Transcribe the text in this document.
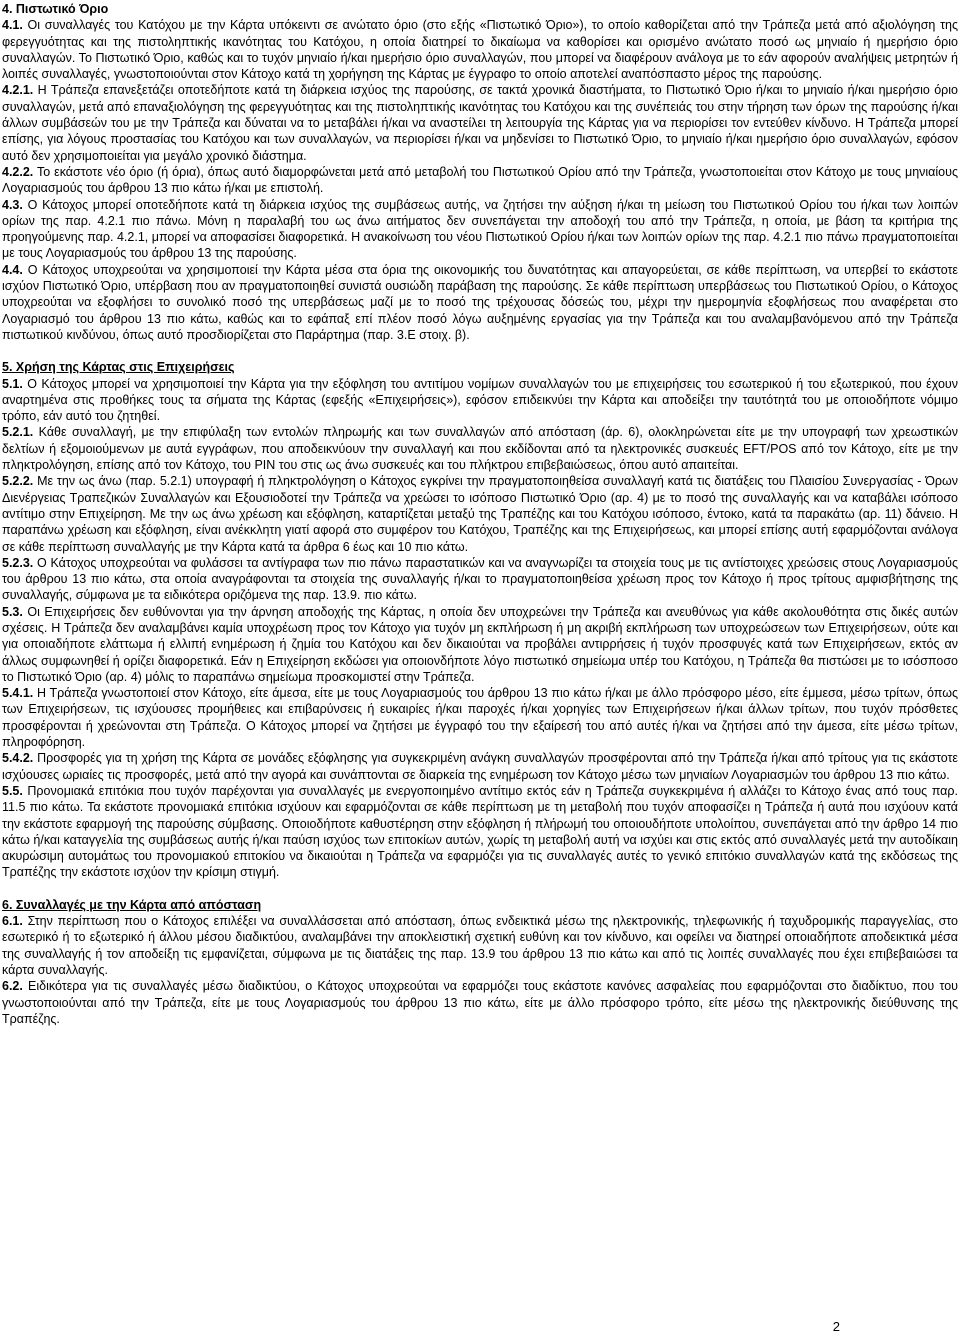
4. Πιστωτικό Όριο

4.1. Οι συναλλαγές του Κατόχου με την Κάρτα υπόκειντι σε ανώτατο όριο (στο εξής «Πιστωτικό Όριο»), το οποίο καθορίζεται από την Τράπεζα μετά από αξιολόγηση της φερεγγυότητας και της πιστοληπτικής ικανότητας του Κατόχου, η οποία διατηρεί το δικαίωμα να καθορίσει και ορισμένο ανώτατο ποσό ως μηνιαίο ή ημερήσιο όριο συναλλαγών. Το Πιστωτικό Όριο, καθώς και το τυχόν μηνιαίο ή/και ημερήσιο όριο συναλλαγών, που μπορεί να διαφέρουν ανάλογα με το εάν αφορούν αναλήψεις μετρητών ή λοιπές συναλλαγές, γνωστοποιούνται στον Κάτοχο κατά τη χορήγηση της Κάρτας με έγγραφο το οποίο αποτελεί αναπόσπαστο μέρος της παρούσης.

4.2.1. Η Τράπεζα επανεξετάζει οποτεδήποτε κατά τη διάρκεια ισχύος της παρούσης, σε τακτά χρονικά διαστήματα, το Πιστωτικό Όριο ή/και το μηνιαίο ή/και ημερήσιο όριο συναλλαγών, μετά από επαναξιολόγηση της φερεγγυότητας και της πιστοληπτικής ικανότητας του Κατόχου και της συνέπειάς του στην τήρηση των όρων της παρούσης ή/και άλλων συμβάσεών του με την Τράπεζα και δύναται να το μεταβάλει ή/και να αναστείλει τη λειτουργία της Κάρτας για να περιορίσει τον εντεύθεν κίνδυνο. Η Τράπεζα μπορεί επίσης, για λόγους προστασίας του Κατόχου και των συναλλαγών, να περιορίσει ή/και να μηδενίσει το Πιστωτικό Όριο, το μηνιαίο ή/και ημερήσιο όριο συναλλαγών, εφόσον αυτό δεν χρησιμοποιείται για μεγάλο χρονικό διάστημα.

4.2.2. Το εκάστοτε νέο όριο (ή όρια), όπως αυτό διαμορφώνεται μετά από μεταβολή του Πιστωτικού Ορίου από την Τράπεζα, γνωστοποιείται στον Κάτοχο με τους μηνιαίους Λογαριασμούς του άρθρου 13 πιο κάτω ή/και με επιστολή.

4.3. Ο Κάτοχος μπορεί οποτεδήποτε κατά τη διάρκεια ισχύος της συμβάσεως αυτής, να ζητήσει την αύξηση ή/και τη μείωση του Πιστωτικού Ορίου του ή/και των λοιπών ορίων της παρ. 4.2.1 πιο πάνω. Μόνη η παραλαβή του ως άνω αιτήματος δεν συνεπάγεται την αποδοχή του από την Τράπεζα, η οποία, με βάση τα κριτήρια της προηγούμενης παρ. 4.2.1, μπορεί να αποφασίσει διαφορετικά. Η ανακοίνωση του νέου Πιστωτικού Ορίου ή/και των λοιπών ορίων της παρ. 4.2.1 πιο πάνω πραγματοποιείται με τους Λογαριασμούς του άρθρου 13 της παρούσης.

4.4. Ο Κάτοχος υποχρεούται να χρησιμοποιεί την Κάρτα μέσα στα όρια της οικονομικής του δυνατότητας και απαγορεύεται, σε κάθε περίπτωση, να υπερβεί το εκάστοτε ισχύον Πιστωτικό Όριο, υπέρβαση που αν πραγματοποιηθεί συνιστά ουσιώδη παράβαση της παρούσης. Σε κάθε περίπτωση υπερβάσεως του Πιστωτικού Ορίου, ο Κάτοχος υποχρεούται να εξοφλήσει το συνολικό ποσό της υπερβάσεως μαζί με το ποσό της τρέχουσας δόσεώς του, μέχρι την ημερομηνία εξοφλήσεως που αναφέρεται στο Λογαριασμό του άρθρου 13 πιο κάτω, καθώς και το εφάπαξ επί πλέον ποσό λόγω αυξημένης εργασίας για την Τράπεζα και του αναλαμβανόμενου από την Τράπεζα πιστωτικού κινδύνου, όπως αυτό προσδιορίζεται στο Παράρτημα (παρ. 3.Ε στοιχ. β).

5. Χρήση της Κάρτας στις Επιχειρήσεις

5.1. Ο Κάτοχος μπορεί να χρησιμοποιεί την Κάρτα για την εξόφληση του αντιτίμου νομίμων συναλλαγών του με επιχειρήσεις του εσωτερικού ή του εξωτερικού, που έχουν αναρτημένα στις προθήκες τους τα σήματα της Κάρτας (εφεξής «Επιχειρήσεις»), εφόσον επιδεικνύει την Κάρτα και αποδείξει την ταυτότητά του με οποιοδήποτε νόμιμο τρόπο, εάν αυτό του ζητηθεί.

5.2.1. Κάθε συναλλαγή, με την επιφύλαξη των εντολών πληρωμής και των συναλλαγών από απόσταση (άρ. 6), ολοκληρώνεται είτε με την υπογραφή των χρεωστικών δελτίων ή εξομοιούμενων με αυτά εγγράφων, που αποδεικνύουν την συναλλαγή και που εκδίδονται από τα ηλεκτρονικές συσκευές EFT/POS από τον Κάτοχο, είτε με την πληκτρολόγηση, επίσης από τον Κάτοχο, του PIN του στις ως άνω συσκευές και του πλήκτρου επιβεβαιώσεως, όπου αυτό απαιτείται.

5.2.2. Με την ως άνω (παρ. 5.2.1) υπογραφή ή πληκτρολόγηση ο Κάτοχος εγκρίνει την πραγματοποιηθείσα συναλλαγή κατά τις διατάξεις του Πλαισίου Συνεργασίας - Όρων Διενέργειας Τραπεζικών Συναλλαγών και Εξουσιοδοτεί την Τράπεζα να χρεώσει το ισόποσο Πιστωτικό Όριο (αρ. 4) με το ποσό της συναλλαγής και να καταβάλει ισόποσο αντίτιμο στην Επιχείρηση. Με την ως άνω χρέωση και εξόφληση, καταρτίζεται μεταξύ της Τραπέζης και του Κατόχου ισόποσο, έντοκο, κατά τα παρακάτω (αρ. 11) δάνειο. Η παραπάνω χρέωση και εξόφληση, είναι ανέκκλητη γιατί αφορά στο συμφέρον του Κατόχου, Τραπέζης και της Επιχειρήσεως, και μπορεί επίσης αυτή εφαρμόζονται ανάλογα σε κάθε περίπτωση συναλλαγής με την Κάρτα κατά τα άρθρα 6 έως και 10 πιο κάτω.

5.2.3. Ο Κάτοχος υποχρεούται να φυλάσσει τα αντίγραφα των πιο πάνω παραστατικών και να αναγνωρίζει τα στοιχεία τους με τις αντίστοιχες χρεώσεις στους Λογαριασμούς του άρθρου 13 πιο κάτω, στα οποία αναγράφονται τα στοιχεία της συναλλαγής ή/και το πραγματοποιηθείσα χρέωση προς τον Κάτοχο ή προς τρίτους αμφισβήτησης της συναλλαγής, σύμφωνα με τα ειδικότερα οριζόμενα της παρ. 13.9. πιο κάτω.

5.3. Οι Επιχειρήσεις δεν ευθύνονται για την άρνηση αποδοχής της Κάρτας, η οποία δεν υποχρεώνει την Τράπεζα και ανευθύνως για κάθε ακολουθότητα στις δικές αυτών σχέσεις. Η Τράπεζα δεν αναλαμβάνει καμία υποχρέωση προς τον Κάτοχο για τυχόν μη εκπλήρωση ή μη ακριβή εκπλήρωση των υποχρεώσεων των Επιχειρήσεων, ούτε και για οποιαδήποτε ελάττωμα ή ελλιπή ενημέρωση ή ζημία του Κατόχου και δεν δικαιούται να προβάλει αντιρρήσεις ή τυχόν προσφυγές κατά των Επιχειρήσεων, εκτός αν άλλως συμφωνηθεί ή ορίζει διαφορετικά. Εάν η Επιχείρηση εκδώσει για οποιονδήποτε λόγο πιστωτικό σημείωμα υπέρ του Κατόχου, η Τράπεζα θα πιστώσει με το ισόσποσο το Πιστωτικό Όριο (αρ. 4) μόλις το παραπάνω σημείωμα προσκομιστεί στην Τράπεζα.

5.4.1. Η Τράπεζα γνωστοποιεί στον Κάτοχο, είτε άμεσα, είτε με τους Λογαριασμούς του άρθρου 13 πιο κάτω ή/και με άλλο πρόσφορο μέσο, είτε έμμεσα, μέσω τρίτων, όπως των Επιχειρήσεων, τις ισχύουσες προμήθειες και επιβαρύνσεις ή ευκαιρίες ή/και παροχές ή/και χορηγίες των Επιχειρήσεων ή/και άλλων τρίτων, που τυχόν πρόσθετες προσφέρονται ή χρεώνονται στη Τράπεζα. Ο Κάτοχος μπορεί να ζητήσει με έγγραφό του την εξαίρεσή του από αυτές ή/και να ζητήσει από την άμεσα, είτε μέσω τρίτων, πληροφόρηση.

5.4.2. Προσφορές για τη χρήση της Κάρτα σε μονάδες εξόφλησης για συγκεκριμένη ανάγκη συναλλαγών προσφέρονται από την Τράπεζα ή/και από τρίτους για τις εκάστοτε ισχύουσες ωριαίες τις προσφορές, μετά από την αγορά και συνάπτονται σε διαρκεία της ενημέρωση τον Κάτοχο μέσω των μηνιαίων Λογαριασμών του άρθρου 13 πιο κάτω.

5.5. Προνομιακά επιτόκια που τυχόν παρέχονται για συναλλαγές με ενεργοποιημένο αντίτιμο εκτός εάν η Τράπεζα συγκεκριμένα ή αλλάζει το Κάτοχο ένας από τους παρ. 11.5 πιο κάτω. Τα εκάστοτε προνομιακά επιτόκια ισχύουν και εφαρμόζονται σε κάθε περίπτωση με τη μεταβολή που τυχόν αποφασίζει η Τράπεζα ή αυτά που ισχύουν κατά την εκάστοτε εφαρμογή της παρούσης σύμβασης. Οποιοδήποτε καθυστέρηση στην εξόφληση ή πλήρωμή του οποιουδήποτε υπολοίπου, συνεπάγεται από την άρθρο 14 πιο κάτω ή/και καταγγελία της συμβάσεως αυτής ή/και παύση ισχύος των επιτοκίων αυτών, χωρίς τη μεταβολή αυτή να ισχύει και στις εκτός από συναλλαγές μετά την αυτοδίκαιη ακυρώσιμη αυτομάτως του προνομιακού επιτοκίου να δικαιούται η Τράπεζα να εφαρμόζει για τις συναλλαγές αυτές το γενικό επιτόκιο συναλλαγών κατά της εκδόσεως της Τραπέζης την εκάστοτε ισχύον την κρίσιμη στιγμή.

6. Συναλλαγές με την Κάρτα από απόσταση

6.1. Στην περίπτωση που ο Κάτοχος επιλέξει να συναλλάσσεται από απόσταση, όπως ενδεικτικά μέσω της ηλεκτρονικής, τηλεφωνικής ή ταχυδρομικής παραγγελίας, στο εσωτερικό ή το εξωτερικό ή άλλου μέσου διαδικτύου, αναλαμβάνει την αποκλειστική σχετική ευθύνη και τον κίνδυνο, και οφείλει να διατηρεί οποιαδήποτε αποδεικτικά μέσα της συναλλαγής ή τον αποδείξη τις εμφανίζεται, σύμφωνα με τις διατάξεις της παρ. 13.9 του άρθρου 13 πιο κάτω και από τις λοιπές συναλλαγές που έχει επιβεβαιώσει τα κάρτα συναλλαγής.

6.2. Ειδικότερα για τις συναλλαγές μέσω διαδικτύου, ο Κάτοχος υποχρεούται να εφαρμόζει τους εκάστοτε κανόνες ασφαλείας που εφαρμόζονται στο διαδίκτυο, που του γνωστοποιούνται από την Τράπεζα, είτε με τους Λογαριασμούς του άρθρου 13 πιο κάτω, είτε με άλλο πρόσφορο τρόπο, είτε μέσω της ηλεκτρονικής διεύθυνσης της Τραπέζης.

2
